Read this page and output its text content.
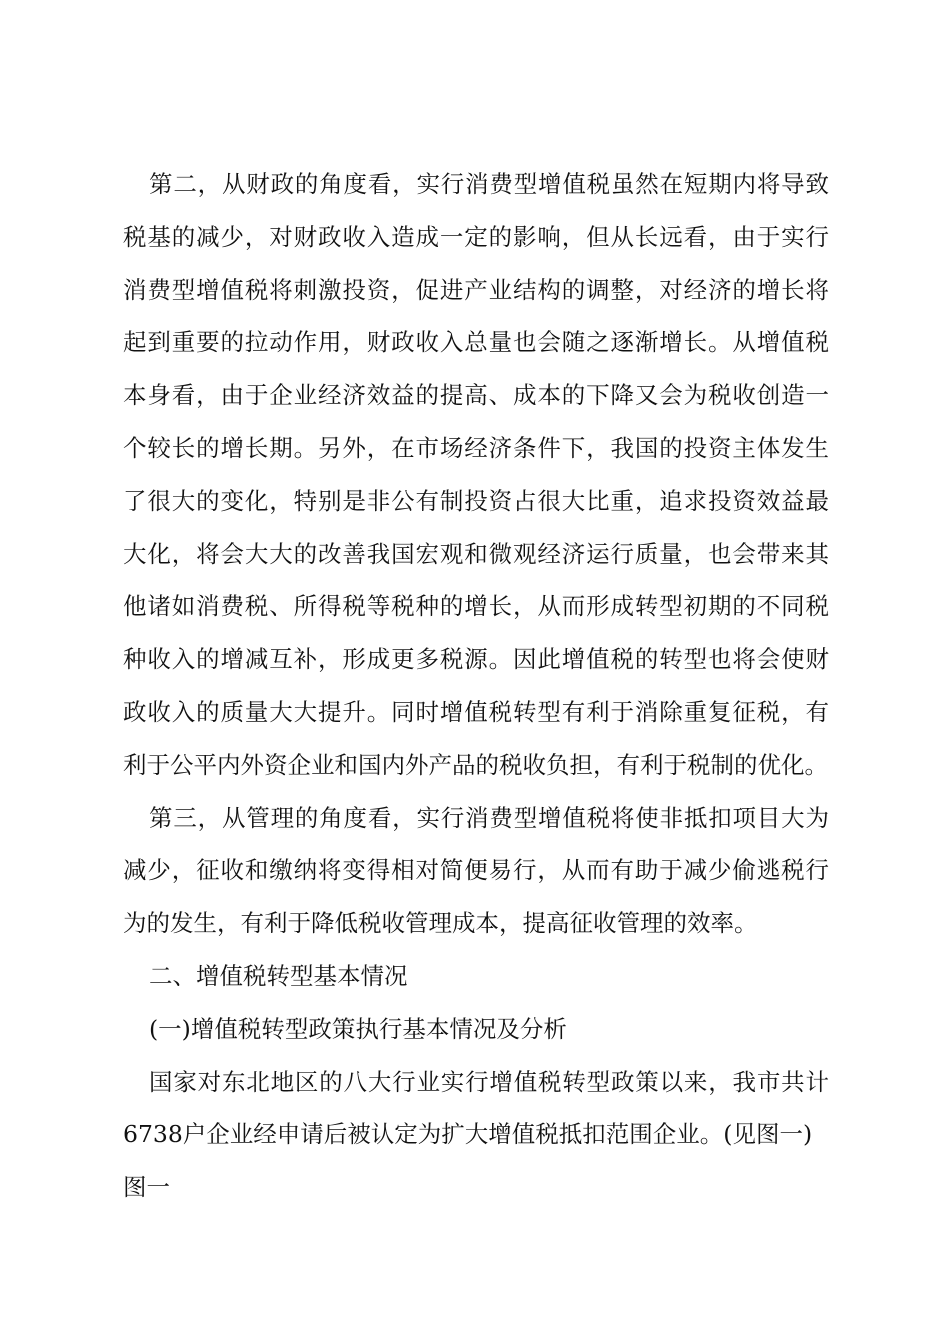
第二，从财政的角度看，实行消费型增值税虽然在短期内将导致
税基的减少，对财政收入造成一定的影响，但从长远看，由于实行
消费型增值税将刺激投资，促进产业结构的调整，对经济的增长将
起到重要的拉动作用，财政收入总量也会随之逐渐增长。从增值税
本身看，由于企业经济效益的提高、成本的下降又会为税收创造一
个较长的增长期。另外，在市场经济条件下，我国的投资主体发生
了很大的变化，特别是非公有制投资占很大比重，追求投资效益最
大化，将会大大的改善我国宏观和微观经济运行质量，也会带来其
他诸如消费税、所得税等税种的增长，从而形成转型初期的不同税
种收入的增减互补，形成更多税源。因此增值税的转型也将会使财
政收入的质量大大提升。同时增值税转型有利于消除重复征税，有
利于公平内外资企业和国内外产品的税收负担，有利于税制的优化。
第三，从管理的角度看，实行消费型增值税将使非抵扣项目大为
减少，征收和缴纳将变得相对简便易行，从而有助于减少偷逃税行
为的发生，有利于降低税收管理成本，提高征收管理的效率。
二、增值税转型基本情况
(一)增值税转型政策执行基本情况及分析
国家对东北地区的八大行业实行增值税转型政策以来，我市共计
6738户企业经申请后被认定为扩大增值税抵扣范围企业。(见图一)
图一
